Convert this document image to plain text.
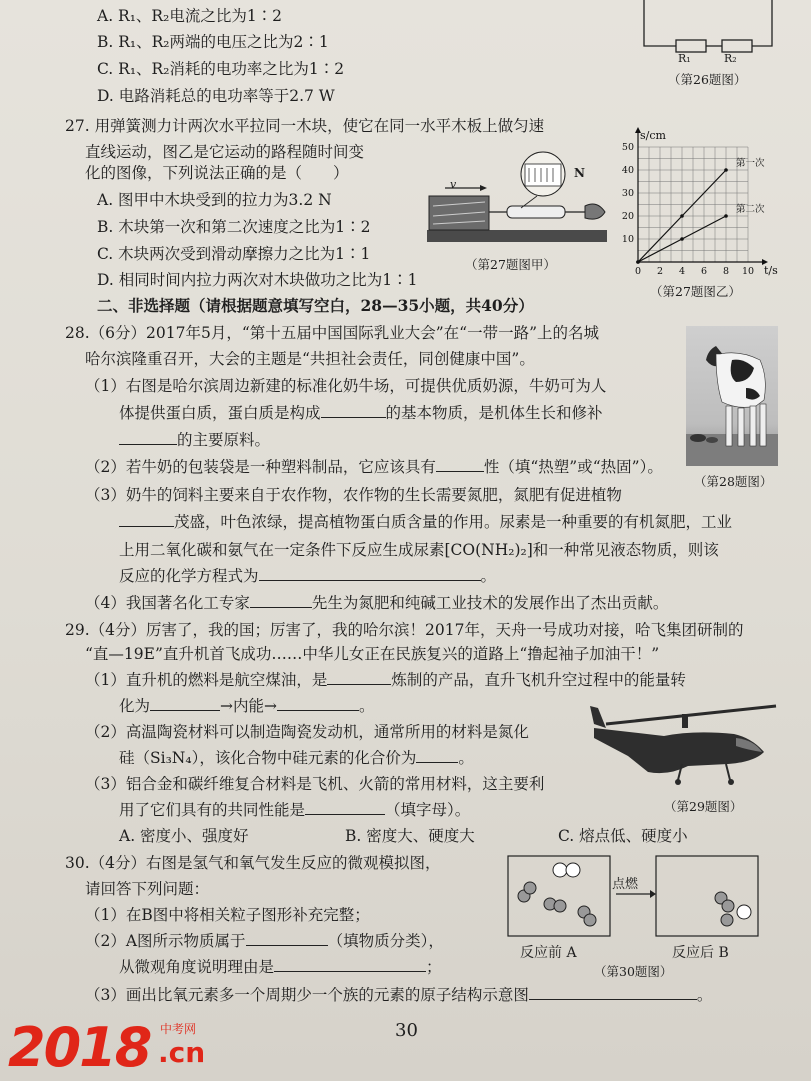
A. R₁、R₂电流之比为1∶2
B. R₁、R₂两端的电压之比为2∶1
C. R₁、R₂消耗的电功率之比为1∶2
D. 电路消耗总的电功率等于2.7 W
R₁	R₂
（第26题图）
27. 用弹簧测力计两次水平拉同一木块，使它在同一水平木板上做匀速
直线运动，图乙是它运动的路程随时间变
化的图像，下列说法正确的是（　　）
A. 图甲中木块受到的拉力为3.2 N
B. 木块第一次和第二次速度之比为1∶2
C. 木块两次受到滑动摩擦力之比为1∶1
D. 相同时间内拉力两次对木块做功之比为1∶1
v
N
（第27题图甲）
第一次
第二次
t/s
s/cm
0 2 4 6 8 10
10
20
30
40
50
（第27题图乙）
二、非选择题（请根据题意填写空白，28—35小题，共40分）
28.（6分）2017年5月，“第十五届中国国际乳业大会”在“一带一路”上的名城
哈尔滨隆重召开，大会的主题是“共担社会责任，同创健康中国”。
（1）右图是哈尔滨周边新建的标准化奶牛场，可提供优质奶源，牛奶可为人
体提供蛋白质，蛋白质是构成	的基本物质，是机体生长和修补
的主要原料。
（2）若牛奶的包装袋是一种塑料制品，它应该具有	性（填“热塑”或“热固”）。
（3）奶牛的饲料主要来自于农作物，农作物的生长需要氮肥，氮肥有促进植物
茂盛，叶色浓绿，提高植物蛋白质含量的作用。尿素是一种重要的有机氮肥，工业
上用二氧化碳和氨气在一定条件下反应生成尿素[CO(NH₂)₂]和一种常见液态物质，则该
反应的化学方程式为	。
（4）我国著名化工专家	先生为氮肥和纯碱工业技术的发展作出了杰出贡献。
（第28题图）
29.（4分）厉害了，我的国；厉害了，我的哈尔滨！2017年，天舟一号成功对接，哈飞集团研制的
“直—19E”直升机首飞成功……中华儿女正在民族复兴的道路上“撸起袖子加油干！”
（1）直升机的燃料是航空煤油，是	炼制的产品，直升飞机升空过程中的能量转
化为	→内能→	。
（2）高温陶瓷材料可以制造陶瓷发动机，通常所用的材料是氮化
硅（Si₃N₄），该化合物中硅元素的化合价为	。
（3）铝合金和碳纤维复合材料是飞机、火箭的常用材料，这主要利
用了它们具有的共同性能是	（填字母）。
A. 密度小、强度好	B. 密度大、硬度大	C. 熔点低、硬度小
（第29题图）
30.（4分）右图是氢气和氧气发生反应的微观模拟图，
请回答下列问题：
（1）在B图中将相关粒子图形补充完整；
（2）A图所示物质属于	（填物质分类），
从微观角度说明理由是	；
（3）画出比氧元素多一个周期少一个族的元素的原子结构示意图	。
点燃
反应前 A	反应后 B
（第30题图）
30
2018 中考网
.cn
